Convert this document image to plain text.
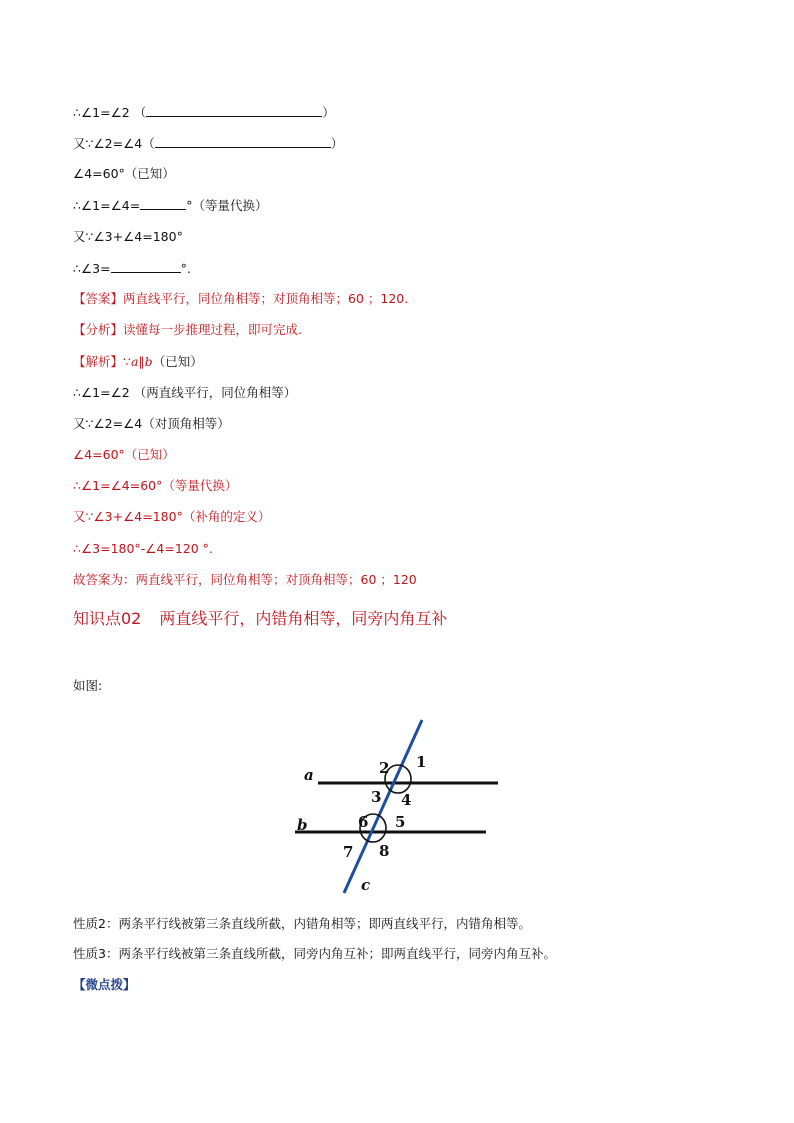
∴∠1=∠2 （	）
又∵∠2=∠4（	）
∠4=60°（已知）
∴∠1=∠4=	°（等量代换）
又∵∠3+∠4=180°
∴∠3=	°.
【答案】两直线平行，同位角相等；对顶角相等；60 ；120.
【分析】读懂每一步推理过程，即可完成.
【解析】∵a∥b（已知）
∴∠1=∠2 （两直线平行，同位角相等）
又∵∠2=∠4（对顶角相等）
∠4=60°（已知）
∴∠1=∠4=60°（等量代换）
又∵∠3+∠4=180°（补角的定义）
∴∠3=180°-∠4=120 °.
故答案为：两直线平行，同位角相等；对顶角相等；60 ；120
知识点02 两直线平行，内错角相等，同旁内角互补
如图:
a
b
c
1
2
3 4
5
6
7 8
性质2：两条平行线被第三条直线所截，内错角相等；即两直线平行，内错角相等。
性质3：两条平行线被第三条直线所截，同旁内角互补；即两直线平行，同旁内角互补。
【微点拨】
